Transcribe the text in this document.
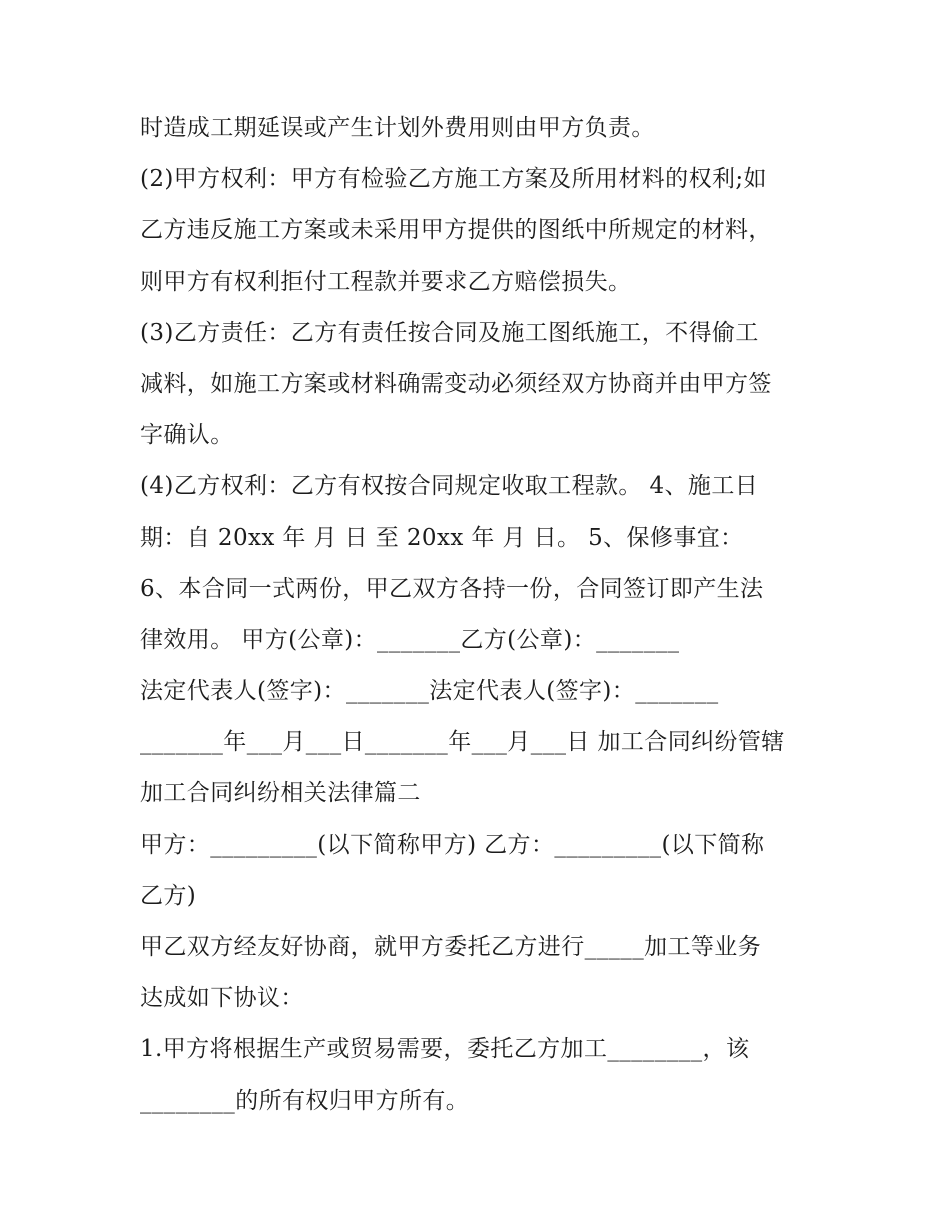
时造成工期延误或产生计划外费用则由甲方负责。
(2)甲方权利：甲方有检验乙方施工方案及所用材料的权利;如
乙方违反施工方案或未采用甲方提供的图纸中所规定的材料，
则甲方有权利拒付工程款并要求乙方赔偿损失。
(3)乙方责任：乙方有责任按合同及施工图纸施工，不得偷工
减料，如施工方案或材料确需变动必须经双方协商并由甲方签
字确认。
(4)乙方权利：乙方有权按合同规定收取工程款。 4、施工日
期：自 20xx 年 月 日 至 20xx 年 月 日。 5、保修事宜：
6、本合同一式两份，甲乙双方各持一份，合同签订即产生法
律效用。 甲方(公章)：_______乙方(公章)：_______
法定代表人(签字)：_______法定代表人(签字)：_______
_______年___月___日_______年___月___日 加工合同纠纷管辖
加工合同纠纷相关法律篇二
甲方：_________(以下简称甲方) 乙方：_________(以下简称
乙方)
甲乙双方经友好协商，就甲方委托乙方进行_____加工等业务
达成如下协议：
1.甲方将根据生产或贸易需要，委托乙方加工________，该
________的所有权归甲方所有。
